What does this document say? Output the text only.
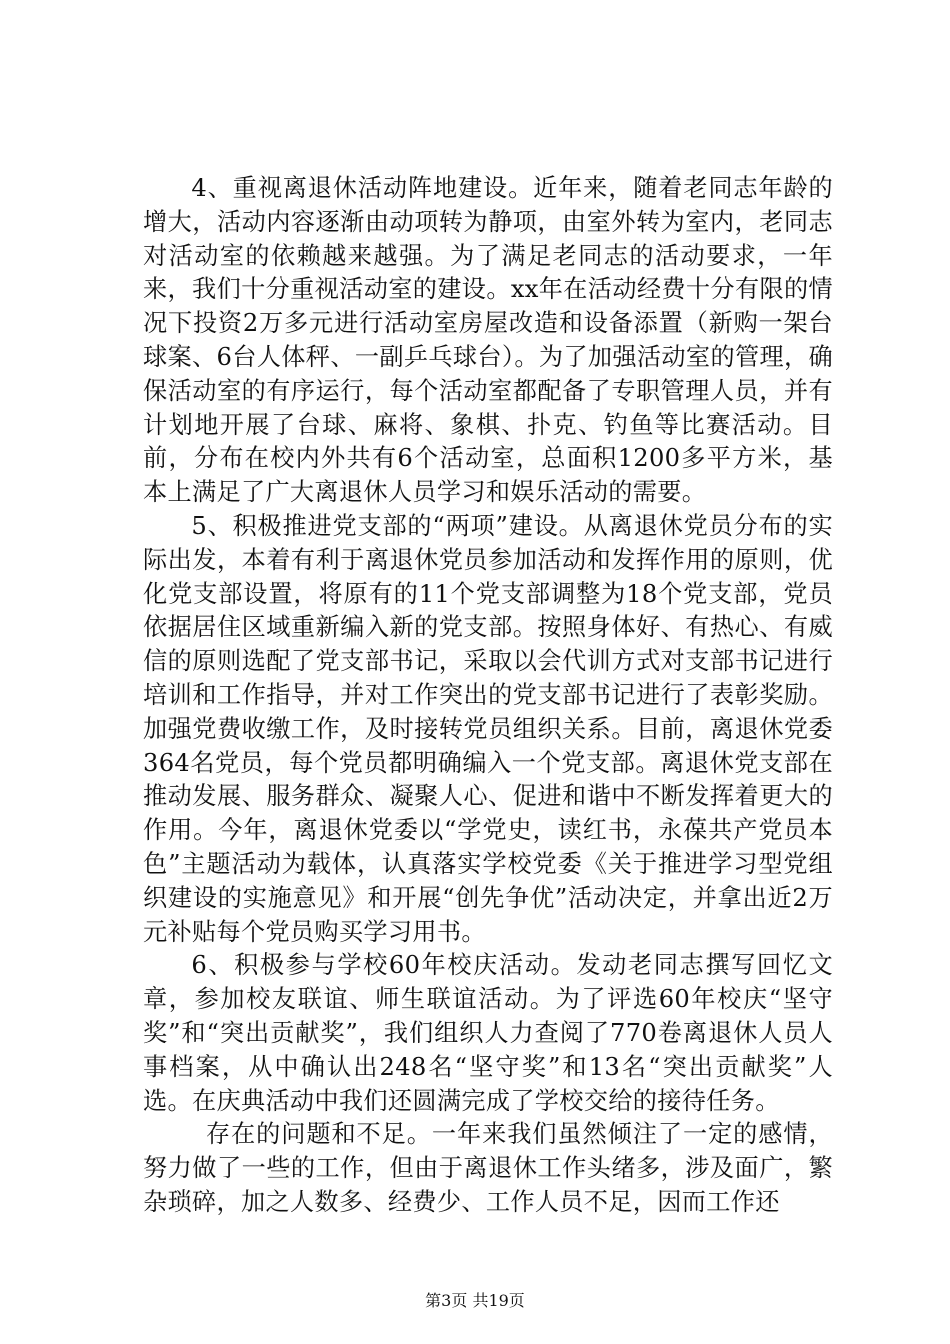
4、重视离退休活动阵地建设。近年来，随着老同志年龄的增大，活动内容逐渐由动项转为静项，由室外转为室内，老同志对活动室的依赖越来越强。为了满足老同志的活动要求，一年来，我们十分重视活动室的建设。xx年在活动经费十分有限的情况下投资2万多元进行活动室房屋改造和设备添置（新购一架台球案、6台人体秤、一副乒乓球台）。为了加强活动室的管理，确保活动室的有序运行，每个活动室都配备了专职管理人员，并有计划地开展了台球、麻将、象棋、扑克、钓鱼等比赛活动。目前，分布在校内外共有6个活动室，总面积1200多平方米，基本上满足了广大离退休人员学习和娱乐活动的需要。

5、积极推进党支部的“两项”建设。从离退休党员分布的实际出发，本着有利于离退休党员参加活动和发挥作用的原则，优化党支部设置，将原有的11个党支部调整为18个党支部，党员依据居住区域重新编入新的党支部。按照身体好、有热心、有威信的原则选配了党支部书记，采取以会代训方式对支部书记进行培训和工作指导，并对工作突出的党支部书记进行了表彰奖励。加强党费收缴工作，及时接转党员组织关系。目前，离退休党委364名党员，每个党员都明确编入一个党支部。离退休党支部在推动发展、服务群众、凝聚人心、促进和谐中不断发挥着更大的作用。今年，离退休党委以“学党史，读红书，永葆共产党员本色”主题活动为载体，认真落实学校党委《关于推进学习型党组织建设的实施意见》和开展“创先争优”活动决定，并拿出近2万元补贴每个党员购买学习用书。

6、积极参与学校60年校庆活动。发动老同志撰写回忆文章，参加校友联谊、师生联谊活动。为了评选60年校庆“坚守奖”和“突出贡献奖”，我们组织人力查阅了770卷离退休人员人事档案，从中确认出248名“坚守奖”和13名“突出贡献奖”人选。在庆典活动中我们还圆满完成了学校交给的接待任务。

存在的问题和不足。一年来我们虽然倾注了一定的感情，努力做了一些的工作，但由于离退休工作头绪多，涉及面广，繁杂琐碎，加之人数多、经费少、工作人员不足，因而工作还

第3页 共19页
